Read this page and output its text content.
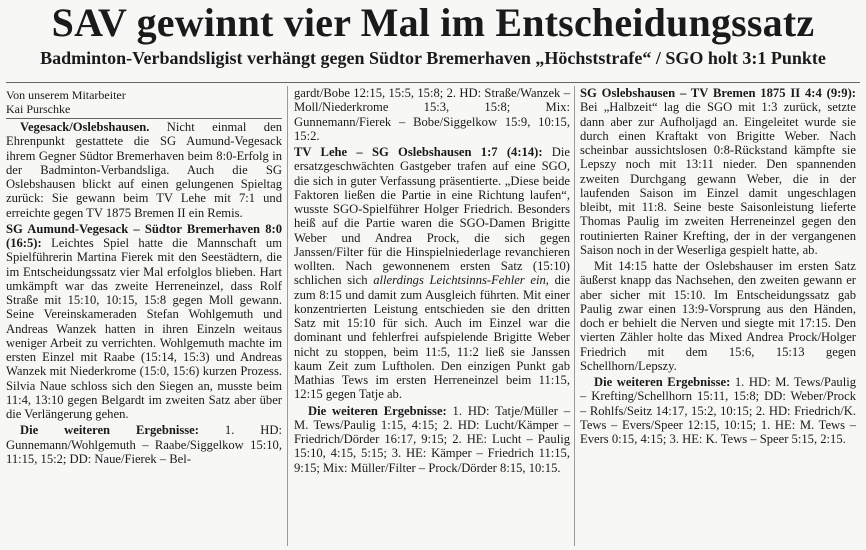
SAV gewinnt vier Mal im Entscheidungssatz
Badminton-Verbandsligist verhängt gegen Südtor Bremerhaven „Höchststrafe“ / SGO holt 3:1 Punkte
Von unserem Mitarbeiter
Kai Purschke

Vegesack/Oslebshausen. Nicht einmal den Ehrenpunkt gestattete die SG Aumund-Vegesack ihrem Gegner Südtor Bremerhaven beim 8:0-Erfolg in der Badminton-Verbandsliga. Auch die SG Oslebshausen blickt auf einen gelungenen Spieltag zurück: Sie gewann beim TV Lehe mit 7:1 und erreichte gegen TV 1875 Bremen II ein Remis.

SG Aumund-Vegesack – Südtor Bremerhaven 8:0 (16:5): Leichtes Spiel hatte die Mannschaft um Spielführerin Martina Fierek mit den Seestädtern, die im Entscheidungssatz vier Mal erfolglos blieben. Hart umkämpft war das zweite Herreneinzel, dass Rolf Straße mit 15:10, 10:15, 15:8 gegen Moll gewann. Seine Vereinskameraden Stefan Wohlgemuth und Andreas Wanzek hatten in ihren Einzeln weitaus weniger Arbeit zu verrichten. Wohlgemuth machte im ersten Einzel mit Raabe (15:14, 15:3) und Andreas Wanzek mit Niederkrome (15:0, 15:6) kurzen Prozess. Silvia Naue schloss sich den Siegen an, musste beim 11:4, 13:10 gegen Belgardt im zweiten Satz aber über die Verlängerung gehen.

Die weiteren Ergebnisse: 1. HD: Gunnemann/Wohlgemuth – Raabe/Siggelkow 15:10, 11:15, 15:2; DD: Naue/Fierek – Bel-

gardt/Bobe 12:15, 15:5, 15:8; 2. HD: Straße/Wanzek – Moll/Niederkrome 15:3, 15:8; Mix: Gunnemann/Fierek – Bobe/Siggelkow 15:9, 10:15, 15:2.

TV Lehe – SG Oslebshausen 1:7 (4:14): Die ersatzgeschwächten Gastgeber trafen auf eine SGO, die sich in guter Verfassung präsentierte. „Diese beide Faktoren ließen die Partie in eine Richtung laufen“, wusste SGO-Spielführer Holger Friedrich. Besonders heiß auf die Partie waren die SGO-Damen Brigitte Weber und Andrea Prock, die sich gegen Janssen/Filter für die Hinspielniederlage revanchieren wollten. Nach gewonnenem ersten Satz (15:10) schlichen sich allerdings Leichtsinns-Fehler ein, die zum 8:15 und damit zum Ausgleich führten. Mit einer konzentrierten Leistung entschieden sie den dritten Satz mit 15:10 für sich. Auch im Einzel war die dominant und fehlerfrei aufspielende Brigitte Weber nicht zu stoppen, beim 11:5, 11:2 ließ sie Janssen kaum Zeit zum Luftholen. Den einzigen Punkt gab Mathias Tews im ersten Herreneinzel beim 11:15, 12:15 gegen Tatje ab.

Die weiteren Ergebnisse: 1. HD: Tatje/Müller – M. Tews/Paulig 1:15, 4:15; 2. HD: Lucht/Kämper – Friedrich/Dörder 16:17, 9:15; 2. HE: Lucht – Paulig 15:10, 4:15, 5:15; 3. HE: Kämper – Friedrich 11:15, 9:15; Mix: Müller/Filter – Prock/Dörder 8:15, 10:15.

SG Oslebshausen – TV Bremen 1875 II 4:4 (9:9): Bei „Halbzeit“ lag die SGO mit 1:3 zurück, setzte dann aber zur Aufholjagd an. Eingeleitet wurde sie durch einen Kraftakt von Brigitte Weber. Nach scheinbar aussichtslosen 0:8-Rückstand kämpfte sie Lepszy noch mit 13:11 nieder. Den spannenden zweiten Durchgang gewann Weber, die in der laufenden Saison im Einzel damit ungeschlagen bleibt, mit 11:8. Seine beste Saisonleistung lieferte Thomas Paulig im zweiten Herreneinzel gegen den routinierten Rainer Krefting, der in der vergangenen Saison noch in der Weserliga gespielt hatte, ab.

Mit 14:15 hatte der Oslebshauser im ersten Satz äußerst knapp das Nachsehen, den zweiten gewann er aber sicher mit 15:10. Im Entscheidungssatz gab Paulig zwar einen 13:9-Vorsprung aus den Händen, doch er behielt die Nerven und siegte mit 17:15. Den vierten Zähler holte das Mixed Andrea Prock/Holger Friedrich mit dem 15:6, 15:13 gegen Schellhorn/Lepszy.

Die weiteren Ergebnisse: 1. HD: M. Tews/Paulig – Krefting/Schellhorn 15:11, 15:8; DD: Weber/Prock – Rohlfs/Seitz 14:17, 15:2, 10:15; 2. HD: Friedrich/K. Tews – Evers/Speer 12:15, 10:15; 1. HE: M. Tews – Evers 0:15, 4:15; 3. HE: K. Tews – Speer 5:15, 2:15.
